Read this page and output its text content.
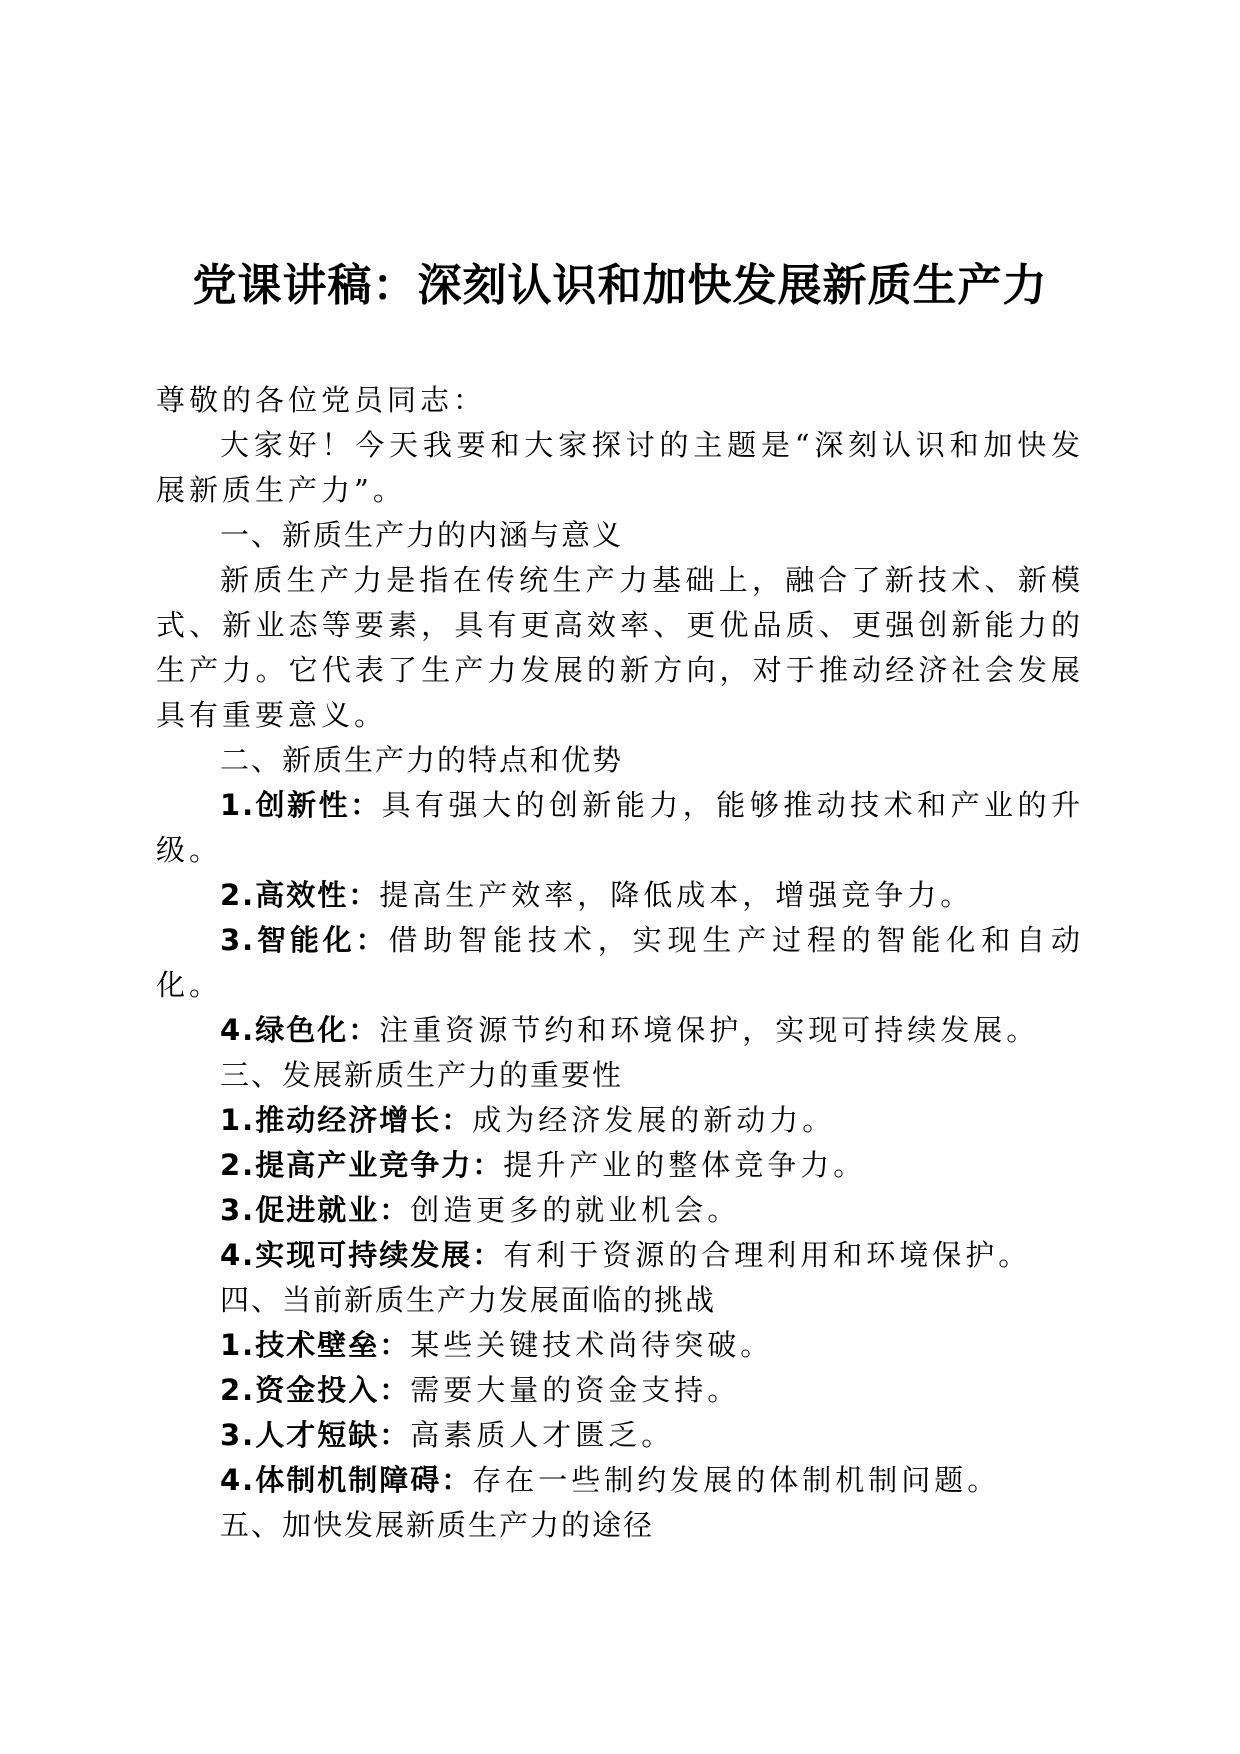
党课讲稿：深刻认识和加快发展新质生产力

尊敬的各位党员同志：

大家好！今天我要和大家探讨的主题是“深刻认识和加快发展新质生产力”。

一、新质生产力的内涵与意义

新质生产力是指在传统生产力基础上，融合了新技术、新模式、新业态等要素，具有更高效率、更优品质、更强创新能力的生产力。它代表了生产力发展的新方向，对于推动经济社会发展具有重要意义。

二、新质生产力的特点和优势

1.创新性：具有强大的创新能力，能够推动技术和产业的升级。

2.高效性：提高生产效率，降低成本，增强竞争力。

3.智能化：借助智能技术，实现生产过程的智能化和自动化。

4.绿色化：注重资源节约和环境保护，实现可持续发展。

三、发展新质生产力的重要性

1.推动经济增长：成为经济发展的新动力。

2.提高产业竞争力：提升产业的整体竞争力。

3.促进就业：创造更多的就业机会。

4.实现可持续发展：有利于资源的合理利用和环境保护。

四、当前新质生产力发展面临的挑战

1.技术壁垒：某些关键技术尚待突破。

2.资金投入：需要大量的资金支持。

3.人才短缺：高素质人才匮乏。

4.体制机制障碍：存在一些制约发展的体制机制问题。

五、加快发展新质生产力的途径
